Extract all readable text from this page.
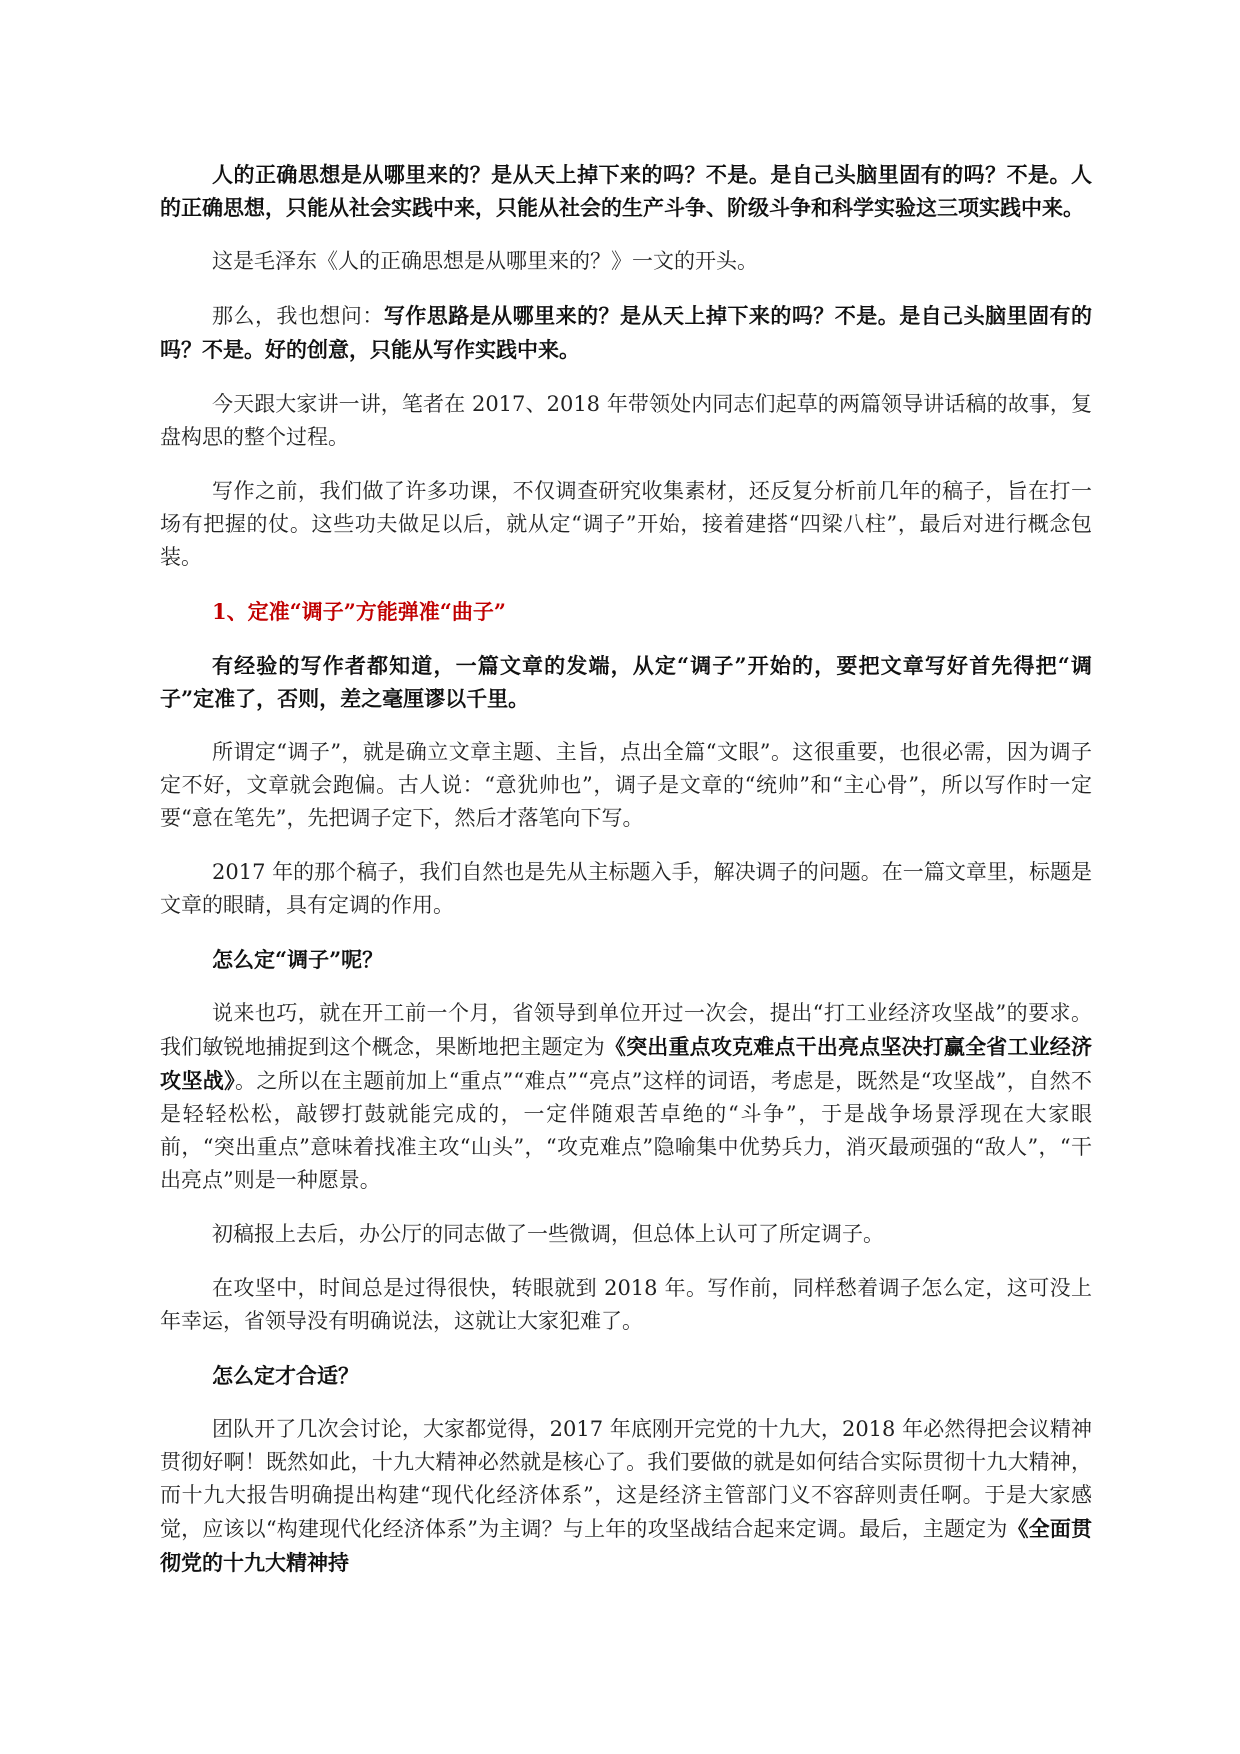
人的正确思想是从哪里来的？是从天上掉下来的吗？不是。是自己头脑里固有的吗？不是。人的正确思想，只能从社会实践中来，只能从社会的生产斗争、阶级斗争和科学实验这三项实践中来。

这是毛泽东《人的正确思想是从哪里来的？》一文的开头。

那么，我也想问：写作思路是从哪里来的？是从天上掉下来的吗？不是。是自己头脑里固有的吗？不是。好的创意，只能从写作实践中来。

今天跟大家讲一讲，笔者在 2017、2018 年带领处内同志们起草的两篇领导讲话稿的故事，复盘构思的整个过程。

写作之前，我们做了许多功课，不仅调查研究收集素材，还反复分析前几年的稿子，旨在打一场有把握的仗。这些功夫做足以后，就从定“调子”开始，接着建搭“四梁八柱”，最后对进行概念包装。

1、定准“调子”方能弹准“曲子”

有经验的写作者都知道，一篇文章的发端，从定“调子”开始的，要把文章写好首先得把“调子”定准了，否则，差之毫厘谬以千里。

所谓定“调子”，就是确立文章主题、主旨，点出全篇“文眼”。这很重要，也很必需，因为调子定不好，文章就会跑偏。古人说：“意犹帅也”，调子是文章的“统帅”和“主心骨”，所以写作时一定要“意在笔先”，先把调子定下，然后才落笔向下写。

2017 年的那个稿子，我们自然也是先从主标题入手，解决调子的问题。在一篇文章里，标题是文章的眼睛，具有定调的作用。

怎么定“调子”呢？

说来也巧，就在开工前一个月，省领导到单位开过一次会，提出“打工业经济攻坚战”的要求。我们敏锐地捕捉到这个概念，果断地把主题定为《突出重点攻克难点干出亮点坚决打赢全省工业经济攻坚战》。之所以在主题前加上“重点”“难点”“亮点”这样的词语，考虑是，既然是“攻坚战”，自然不是轻轻松松，敲锣打鼓就能完成的，一定伴随艰苦卓绝的“斗争”，于是战争场景浮现在大家眼前，“突出重点”意味着找准主攻“山头”，“攻克难点”隐喻集中优势兵力，消灭最顽强的“敌人”，“干出亮点”则是一种愿景。

初稿报上去后，办公厅的同志做了一些微调，但总体上认可了所定调子。

在攻坚中，时间总是过得很快，转眼就到 2018 年。写作前，同样愁着调子怎么定，这可没上年幸运，省领导没有明确说法，这就让大家犯难了。

怎么定才合适？

团队开了几次会讨论，大家都觉得，2017 年底刚开完党的十九大，2018 年必然得把会议精神贯彻好啊！既然如此，十九大精神必然就是核心了。我们要做的就是如何结合实际贯彻十九大精神，而十九大报告明确提出构建“现代化经济体系”，这是经济主管部门义不容辞则责任啊。于是大家感觉，应该以“构建现代化经济体系”为主调？与上年的攻坚战结合起来定调。最后，主题定为《全面贯彻党的十九大精神持
